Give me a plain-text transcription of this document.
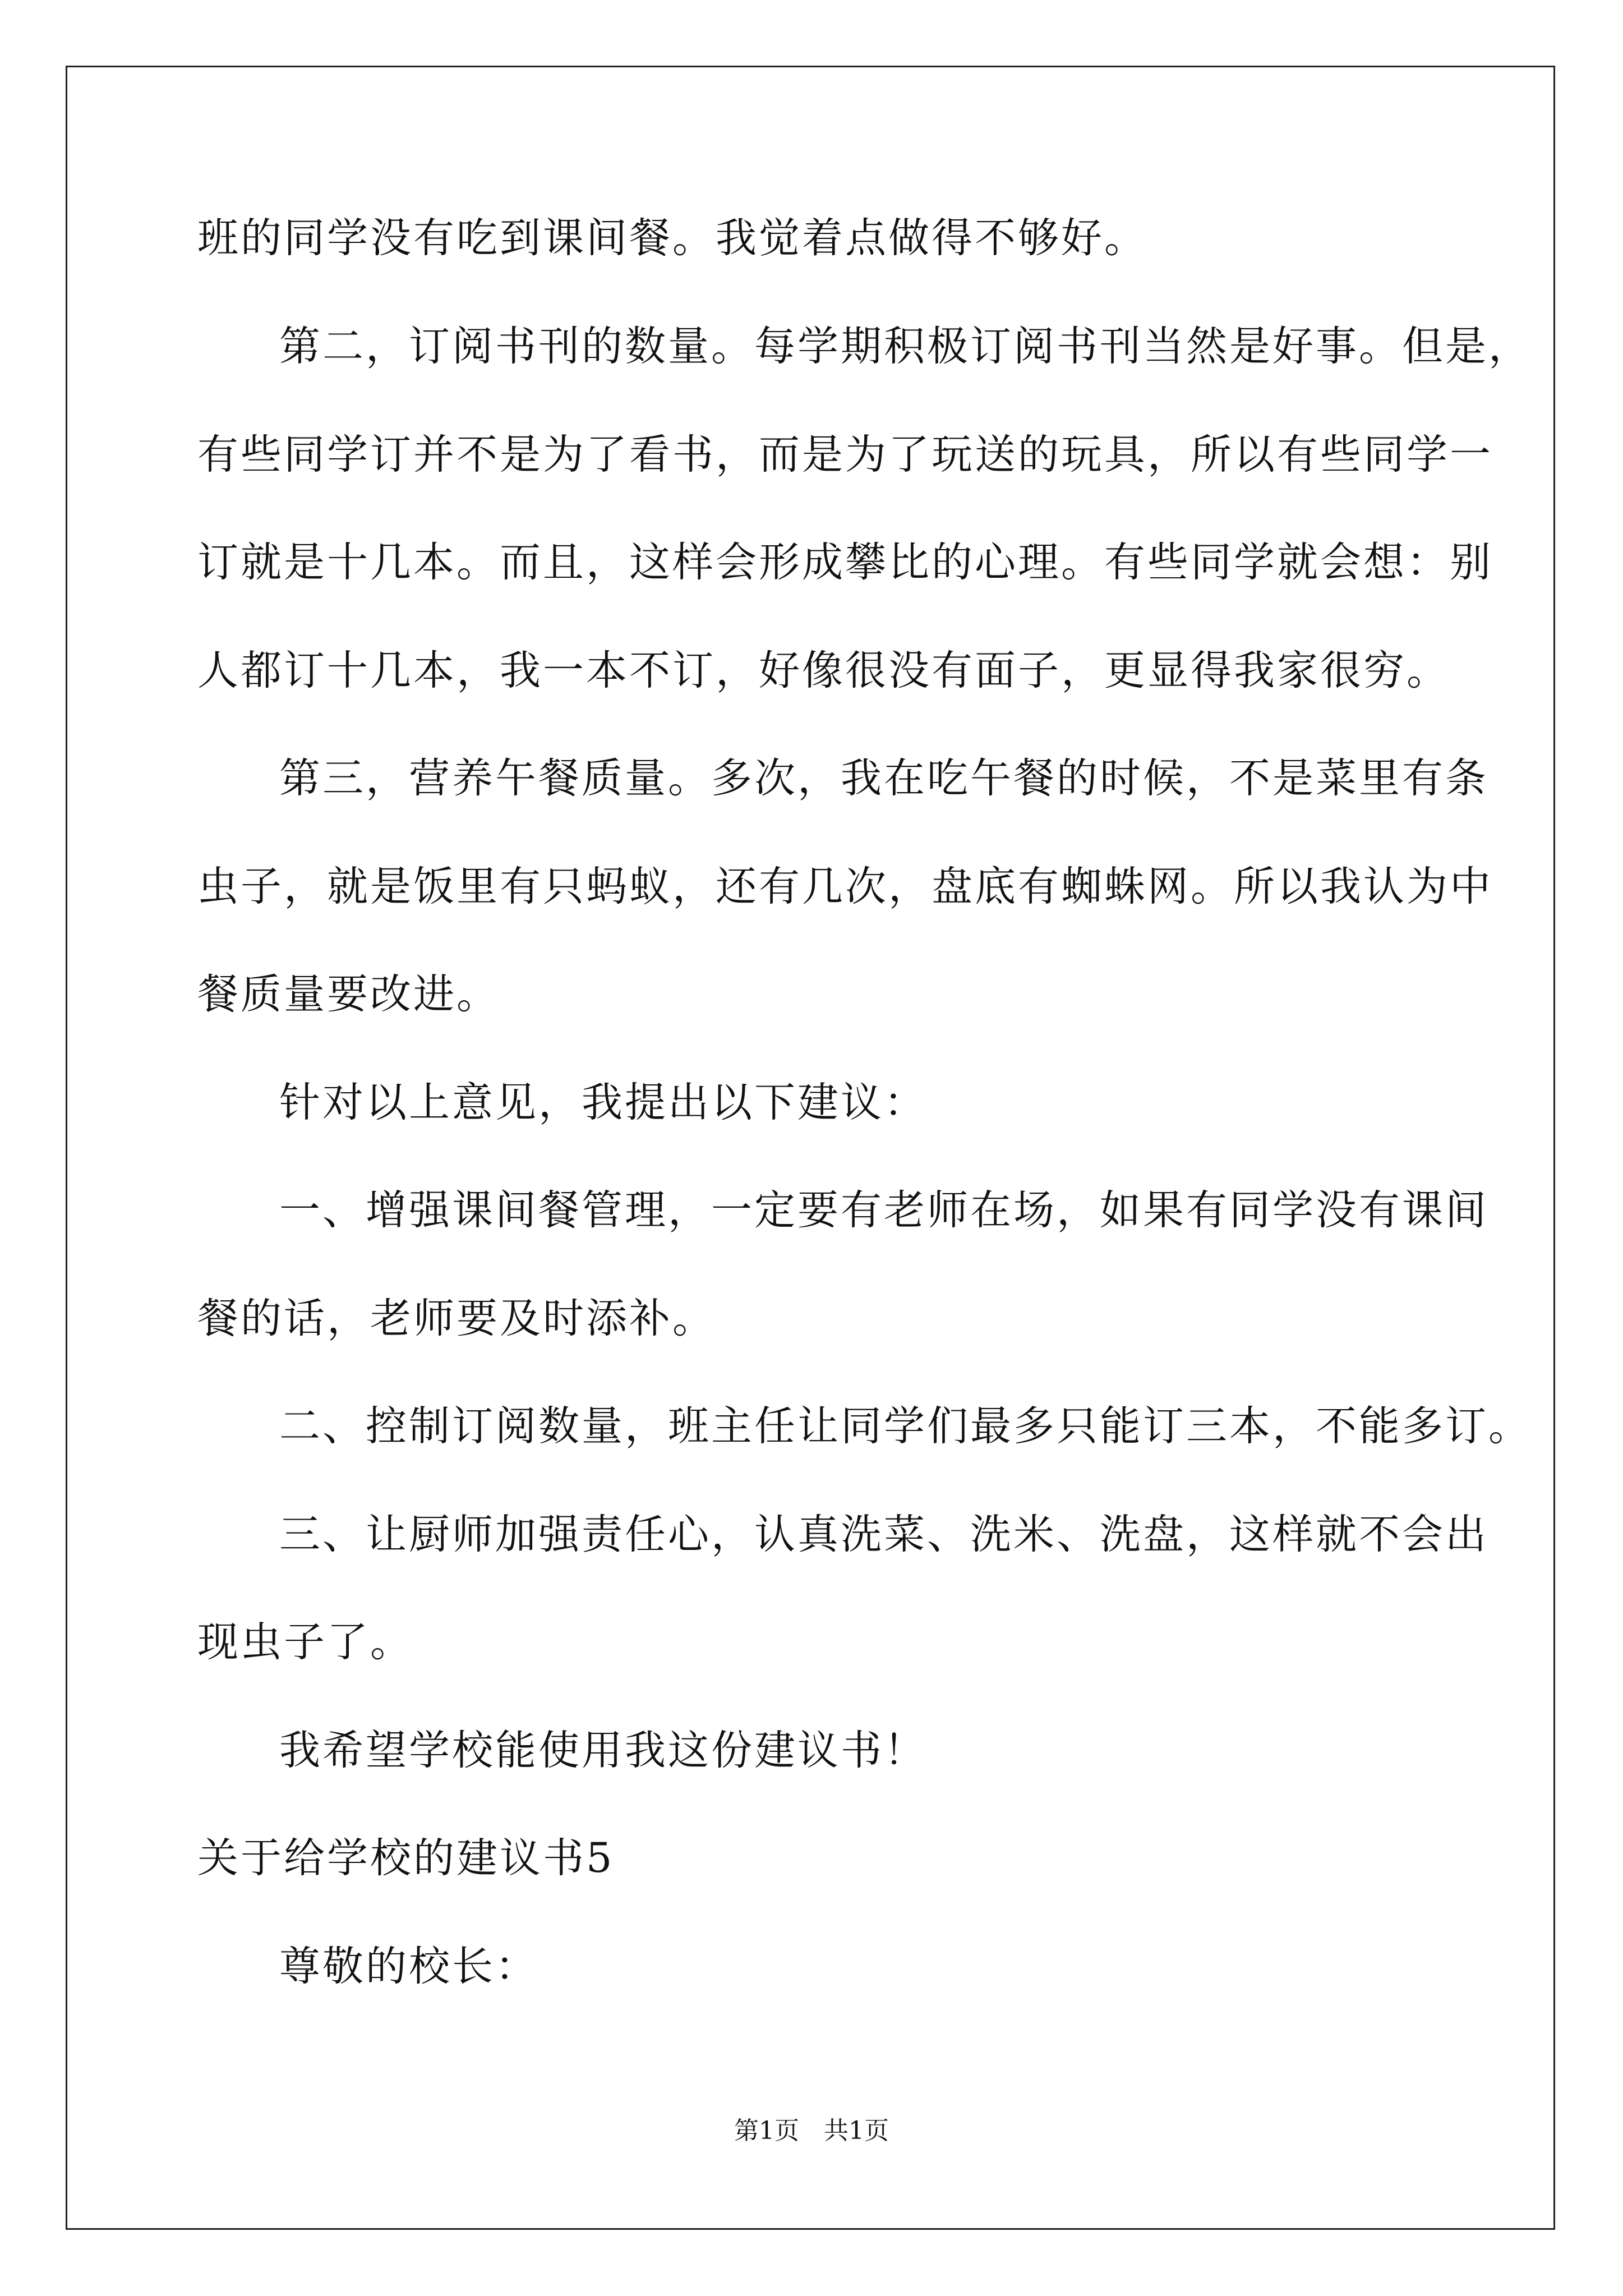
班的同学没有吃到课间餐。我觉着点做得不够好。
第二，订阅书刊的数量。每学期积极订阅书刊当然是好事。但是，
有些同学订并不是为了看书，而是为了玩送的玩具，所以有些同学一
订就是十几本。而且，这样会形成攀比的心理。有些同学就会想：别
人都订十几本，我一本不订，好像很没有面子，更显得我家很穷。
第三，营养午餐质量。多次，我在吃午餐的时候，不是菜里有条
虫子，就是饭里有只蚂蚁，还有几次，盘底有蜘蛛网。所以我认为中
餐质量要改进。
针对以上意见，我提出以下建议：
一、增强课间餐管理，一定要有老师在场，如果有同学没有课间
餐的话，老师要及时添补。
二、控制订阅数量，班主任让同学们最多只能订三本，不能多订。
三、让厨师加强责任心，认真洗菜、洗米、洗盘，这样就不会出
现虫子了。
我希望学校能使用我这份建议书！
关于给学校的建议书5
尊敬的校长：
第1页　共1页
